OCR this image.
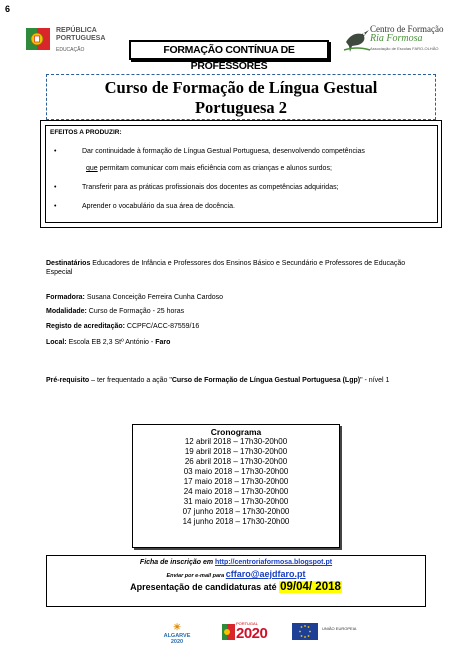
6
REPÚBLICA
PORTUGUESA
EDUCAÇÃO	FORMAÇÃO CONTÍNUA DE PROFESSORES
Centro de Formação
Ria Formosa
Associação de Escolas FARO-OLHÃO
Curso de Formação de Língua Gestual
Portuguesa 2
EFEITOS A PRODUZIR:
•	Dar continuidade à formação de Língua Gestual Portuguesa, desenvolvendo competências
que permitam comunicar com mais eficiência com as crianças e alunos surdos;
•	Transferir para as práticas profissionais dos docentes as competências adquiridas;
•	Aprender o vocabulário da sua área de docência.
Destinatários Educadores de Infância e Professores dos Ensinos Básico e Secundário e Professores de Educação Especial
Formadora: Susana Conceição Ferreira Cunha Cardoso
Modalidade: Curso de Formação - 25 horas
Registo de acreditação: CCPFC/ACC-87559/16
Local: Escola EB 2,3 Stº António - Faro
Pré-requisito – ter frequentado a ação "Curso de Formação de Língua Gestual Portuguesa (Lgp)" - nível 1
Cronograma
12 abril 2018 – 17h30-20h00
19 abril 2018 – 17h30-20h00
26 abril 2018 – 17h30-20h00
03 maio 2018 – 17h30-20h00
17 maio 2018 – 17h30-20h00
24 maio 2018 – 17h30-20h00
31 maio 2018 – 17h30-20h00
07 junho 2018 – 17h30-20h00
14 junho 2018 – 17h30-20h00
Ficha de inscrição em http://centroriaformosa.blogspot.pt
Enviar por e-mail para cffaro@aejdfaro.pt
Apresentação de candidaturas até 09/04/ 2018
☀
ALGARVE
2020
PORTUGAL
2020	UNIÃO EUROPEIA
